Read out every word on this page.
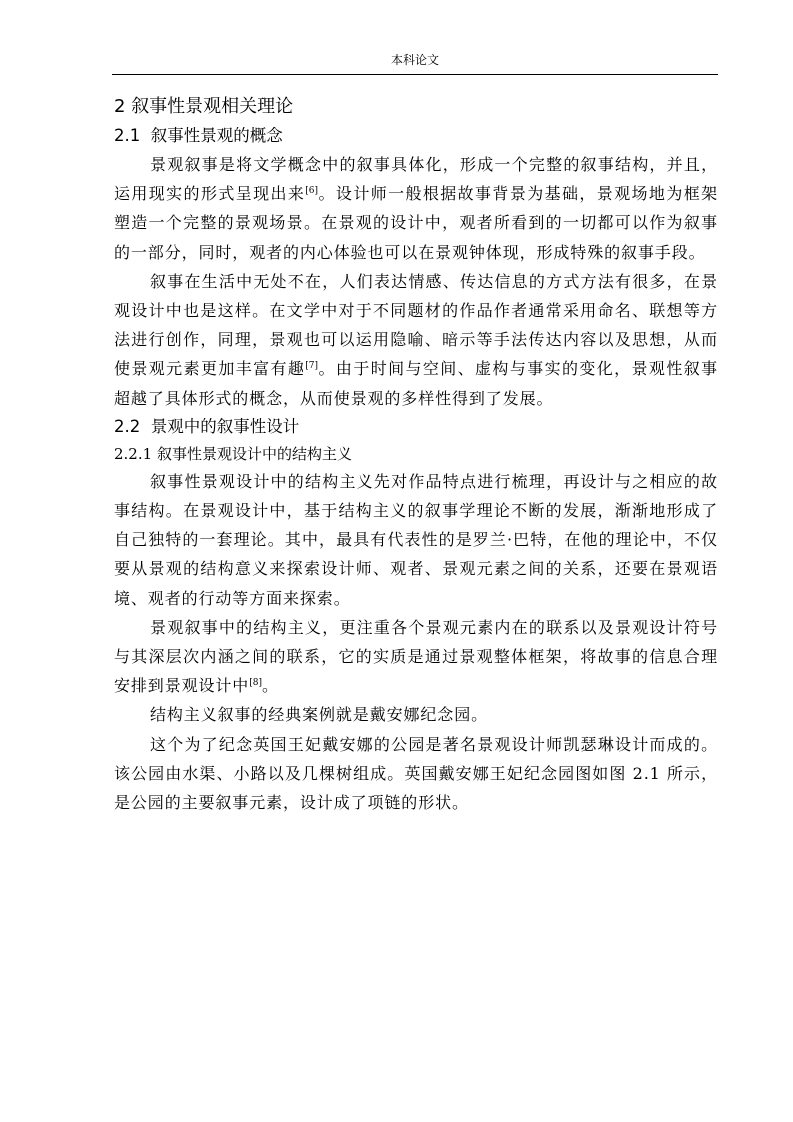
本科论文
2 叙事性景观相关理论
2.1 叙事性景观的概念

景观叙事是将文学概念中的叙事具体化，形成一个完整的叙事结构，并且，运用现实的形式呈现出来[6]。设计师一般根据故事背景为基础，景观场地为框架塑造一个完整的景观场景。在景观的设计中，观者所看到的一切都可以作为叙事的一部分，同时，观者的内心体验也可以在景观钟体现，形成特殊的叙事手段。

叙事在生活中无处不在，人们表达情感、传达信息的方式方法有很多，在景观设计中也是这样。在文学中对于不同题材的作品作者通常采用命名、联想等方法进行创作，同理，景观也可以运用隐喻、暗示等手法传达内容以及思想，从而使景观元素更加丰富有趣[7]。由于时间与空间、虚构与事实的变化，景观性叙事超越了具体形式的概念，从而使景观的多样性得到了发展。

2.2 景观中的叙事性设计
2.2.1 叙事性景观设计中的结构主义

叙事性景观设计中的结构主义先对作品特点进行梳理，再设计与之相应的故事结构。在景观设计中，基于结构主义的叙事学理论不断的发展，渐渐地形成了自己独特的一套理论。其中，最具有代表性的是罗兰·巴特，在他的理论中，不仅要从景观的结构意义来探索设计师、观者、景观元素之间的关系，还要在景观语境、观者的行动等方面来探索。

景观叙事中的结构主义，更注重各个景观元素内在的联系以及景观设计符号与其深层次内涵之间的联系，它的实质是通过景观整体框架，将故事的信息合理安排到景观设计中[8]。

结构主义叙事的经典案例就是戴安娜纪念园。

这个为了纪念英国王妃戴安娜的公园是著名景观设计师凯瑟琳设计而成的。该公园由水渠、小路以及几棵树组成。英国戴安娜王妃纪念园图如图 2.1 所示，是公园的主要叙事元素，设计成了项链的形状。
